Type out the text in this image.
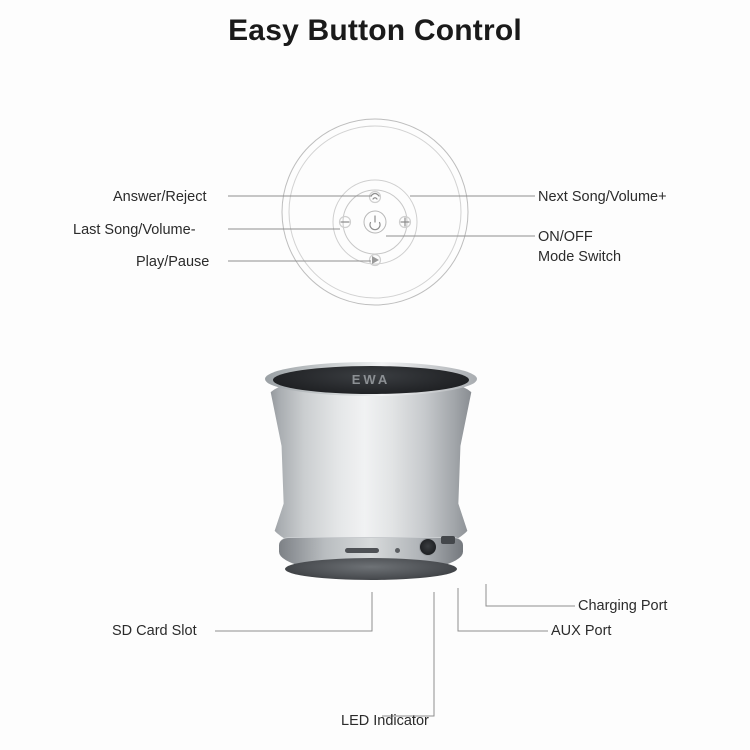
Easy Button Control
Answer/Reject
Last Song/Volume-
Play/Pause
Next Song/Volume+
ON/OFF
Mode Switch
EWA
SD Card Slot	AUX Port
Charging Port
LED Indicator
